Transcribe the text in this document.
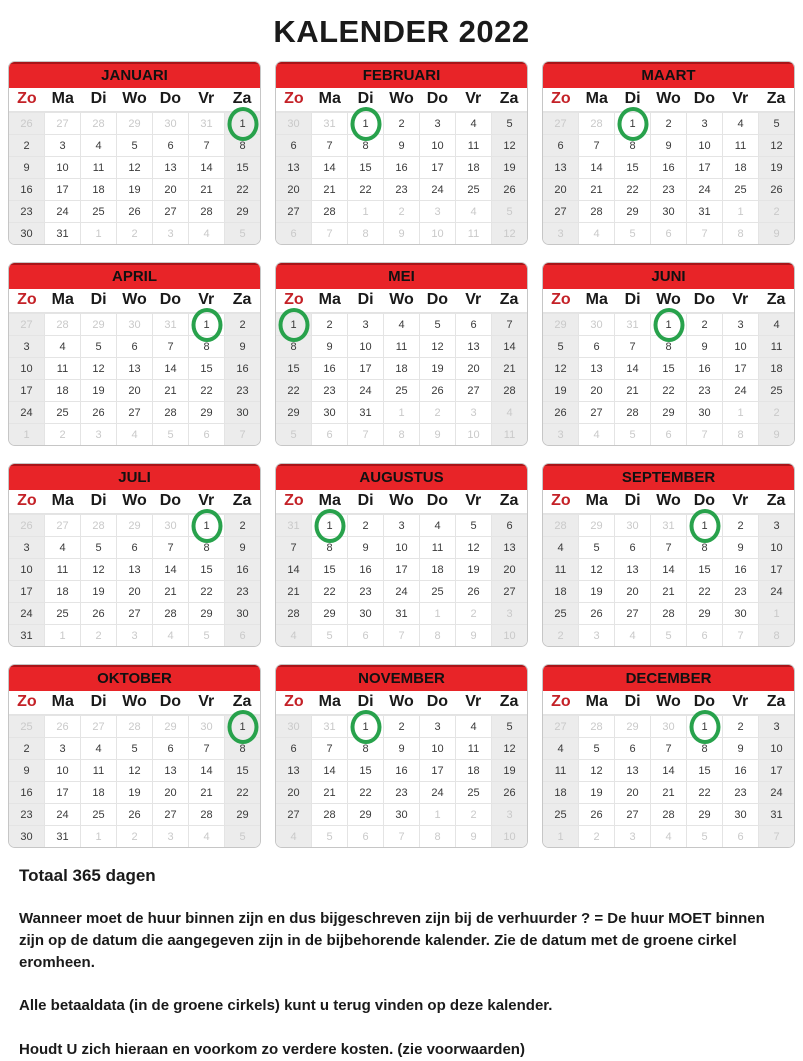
KALENDER 2022
JANUARI
Zo Ma	Di Wo Do	Vr	Za
26 27 28 29 30 31 1
2	3	4	5	6	7	8
9 10 11 12 13 14 15
16 17 18 19 20 21 22
23 24 25 26 27 28 29
30 31 1	2	3	4	5
FEBRUARI
Zo Ma	Di Wo Do	Vr	Za
30 31 1	2	3	4	5
6	7	8	9 10 11 12
13 14 15 16 17 18 19
20 21 22 23 24 25 26
27 28 1	2	3	4	5
6	7	8	9 10 11 12
MAART
Zo Ma	Di Wo Do	Vr	Za
27 28 1	2	3	4	5
6	7	8	9 10 11 12
13 14 15 16 17 18 19
20 21 22 23 24 25 26
27 28 29 30 31 1	2
3	4	5	6	7	8	9
APRIL
Zo Ma	Di Wo Do	Vr	Za
27 28 29 30 31 1	2
3	4	5	6	7	8	9
10 11 12 13 14 15 16
17 18 19 20 21 22 23
24 25 26 27 28 29 30
1	2	3	4	5	6	7
MEI
Zo Ma	Di Wo Do	Vr	Za
1	2	3	4	5	6	7
8	9 10 11 12 13 14
15 16 17 18 19 20 21
22 23 24 25 26 27 28
29 30 31 1	2	3	4
5	6	7	8	9 10 11
JUNI
Zo Ma	Di Wo Do	Vr	Za
29 30 31 1	2	3	4
5	6	7	8	9 10 11
12 13 14 15 16 17 18
19 20 21 22 23 24 25
26 27 28 29 30 1	2
3	4	5	6	7	8	9
JULI
Zo Ma	Di Wo Do	Vr	Za
26 27 28 29 30 1	2
3	4	5	6	7	8	9
10 11 12 13 14 15 16
17 18 19 20 21 22 23
24 25 26 27 28 29 30
31 1	2	3	4	5	6
AUGUSTUS
Zo Ma	Di Wo Do	Vr	Za
31 1	2	3	4	5	6
7	8	9 10 11 12 13
14 15 16 17 18 19 20
21 22 23 24 25 26 27
28 29 30 31 1	2	3
4	5	6	7	8	9 10
SEPTEMBER
Zo Ma	Di Wo Do	Vr	Za
28 29 30 31 1	2	3
4	5	6	7	8	9 10
11 12 13 14 15 16 17
18 19 20 21 22 23 24
25 26 27 28 29 30 1
2	3	4	5	6	7	8
OKTOBER
Zo Ma	Di Wo Do	Vr	Za
25 26 27 28 29 30 1
2	3	4	5	6	7	8
9 10 11 12 13 14 15
16 17 18 19 20 21 22
23 24 25 26 27 28 29
30 31 1	2	3	4	5
NOVEMBER
Zo Ma	Di Wo Do	Vr	Za
30 31 1	2	3	4	5
6	7	8	9 10 11 12
13 14 15 16 17 18 19
20 21 22 23 24 25 26
27 28 29 30 1	2	3
4	5	6	7	8	9 10
DECEMBER
Zo Ma	Di Wo Do	Vr	Za
27 28 29 30 1	2	3
4	5	6	7	8	9 10
11 12 13 14 15 16 17
18 19 20 21 22 23 24
25 26 27 28 29 30 31
1	2	3	4	5	6	7

Totaal 365 dagen

Wanneer moet de huur binnen zijn en dus bijgeschreven zijn bij de verhuurder ? = De huur MOET binnen zijn op de datum die aangegeven zijn in de bijbehorende kalender. Zie de datum met de groene cirkel eromheen.

Alle betaaldata (in de groene cirkels) kunt u terug vinden op deze kalender.

Houdt U zich hieraan en voorkom zo verdere kosten. (zie voorwaarden)
